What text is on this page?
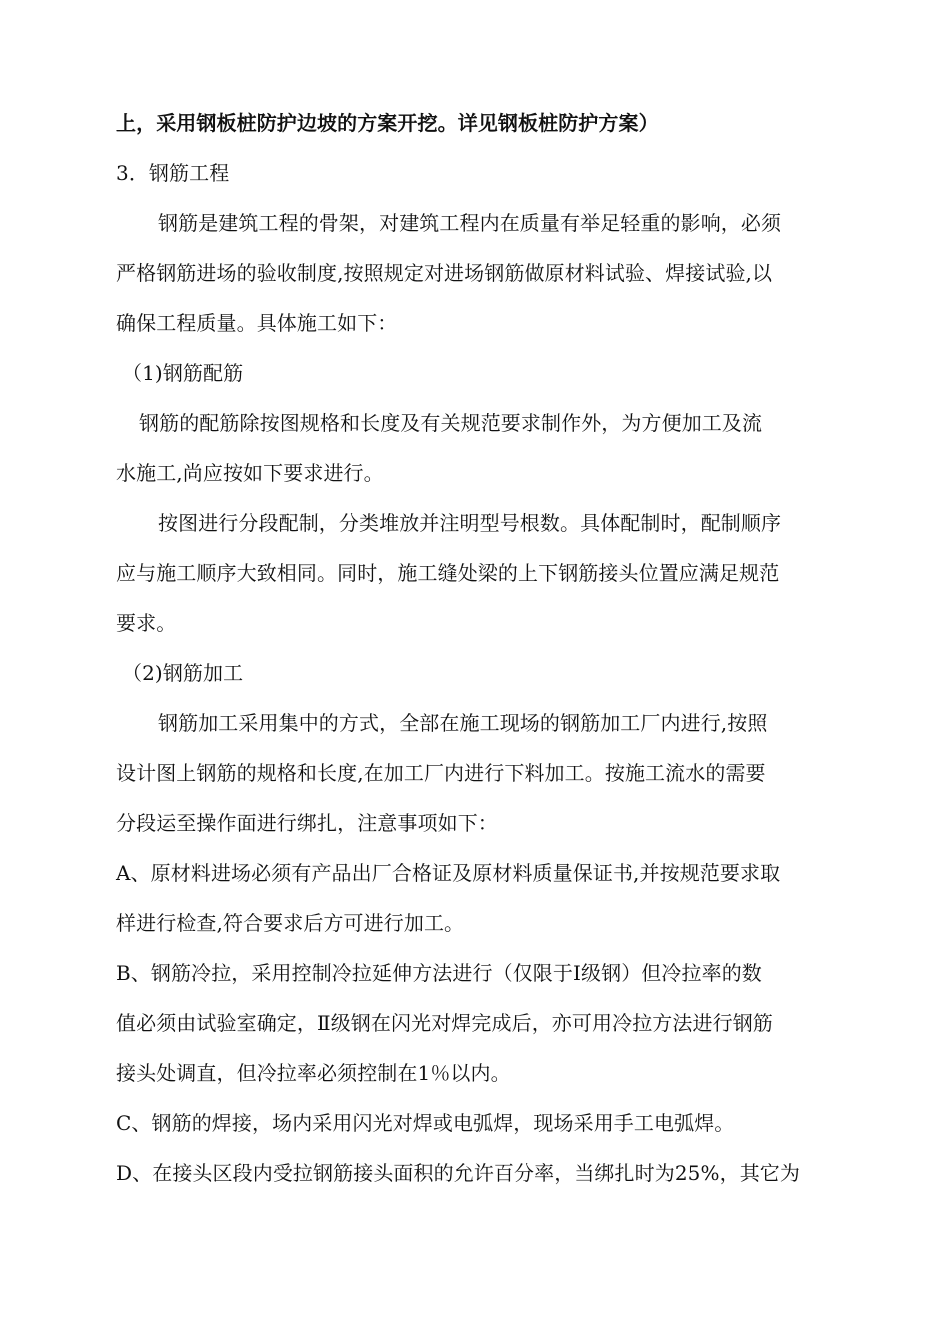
上，采用钢板桩防护边坡的方案开挖。详见钢板桩防护方案）
3．钢筋工程
钢筋是建筑工程的骨架，对建筑工程内在质量有举足轻重的影响，必须
严格钢筋进场的验收制度,按照规定对进场钢筋做原材料试验、焊接试验,以
确保工程质量。具体施工如下：
（1)钢筋配筋
钢筋的配筋除按图规格和长度及有关规范要求制作外，为方便加工及流
水施工,尚应按如下要求进行。
按图进行分段配制，分类堆放并注明型号根数。具体配制时，配制顺序
应与施工顺序大致相同。同时，施工缝处梁的上下钢筋接头位置应满足规范
要求。
（2)钢筋加工
钢筋加工采用集中的方式，全部在施工现场的钢筋加工厂内进行,按照
设计图上钢筋的规格和长度,在加工厂内进行下料加工。按施工流水的需要
分段运至操作面进行绑扎，注意事项如下：
A、原材料进场必须有产品出厂合格证及原材料质量保证书,并按规范要求取
样进行检查,符合要求后方可进行加工。
B、钢筋冷拉，采用控制冷拉延伸方法进行（仅限于Ⅰ级钢）但冷拉率的数
值必须由试验室确定，Ⅱ级钢在闪光对焊完成后，亦可用冷拉方法进行钢筋
接头处调直，但冷拉率必须控制在1％以内。
C、钢筋的焊接，场内采用闪光对焊或电弧焊，现场采用手工电弧焊。
D、在接头区段内受拉钢筋接头面积的允许百分率，当绑扎时为25%，其它为
